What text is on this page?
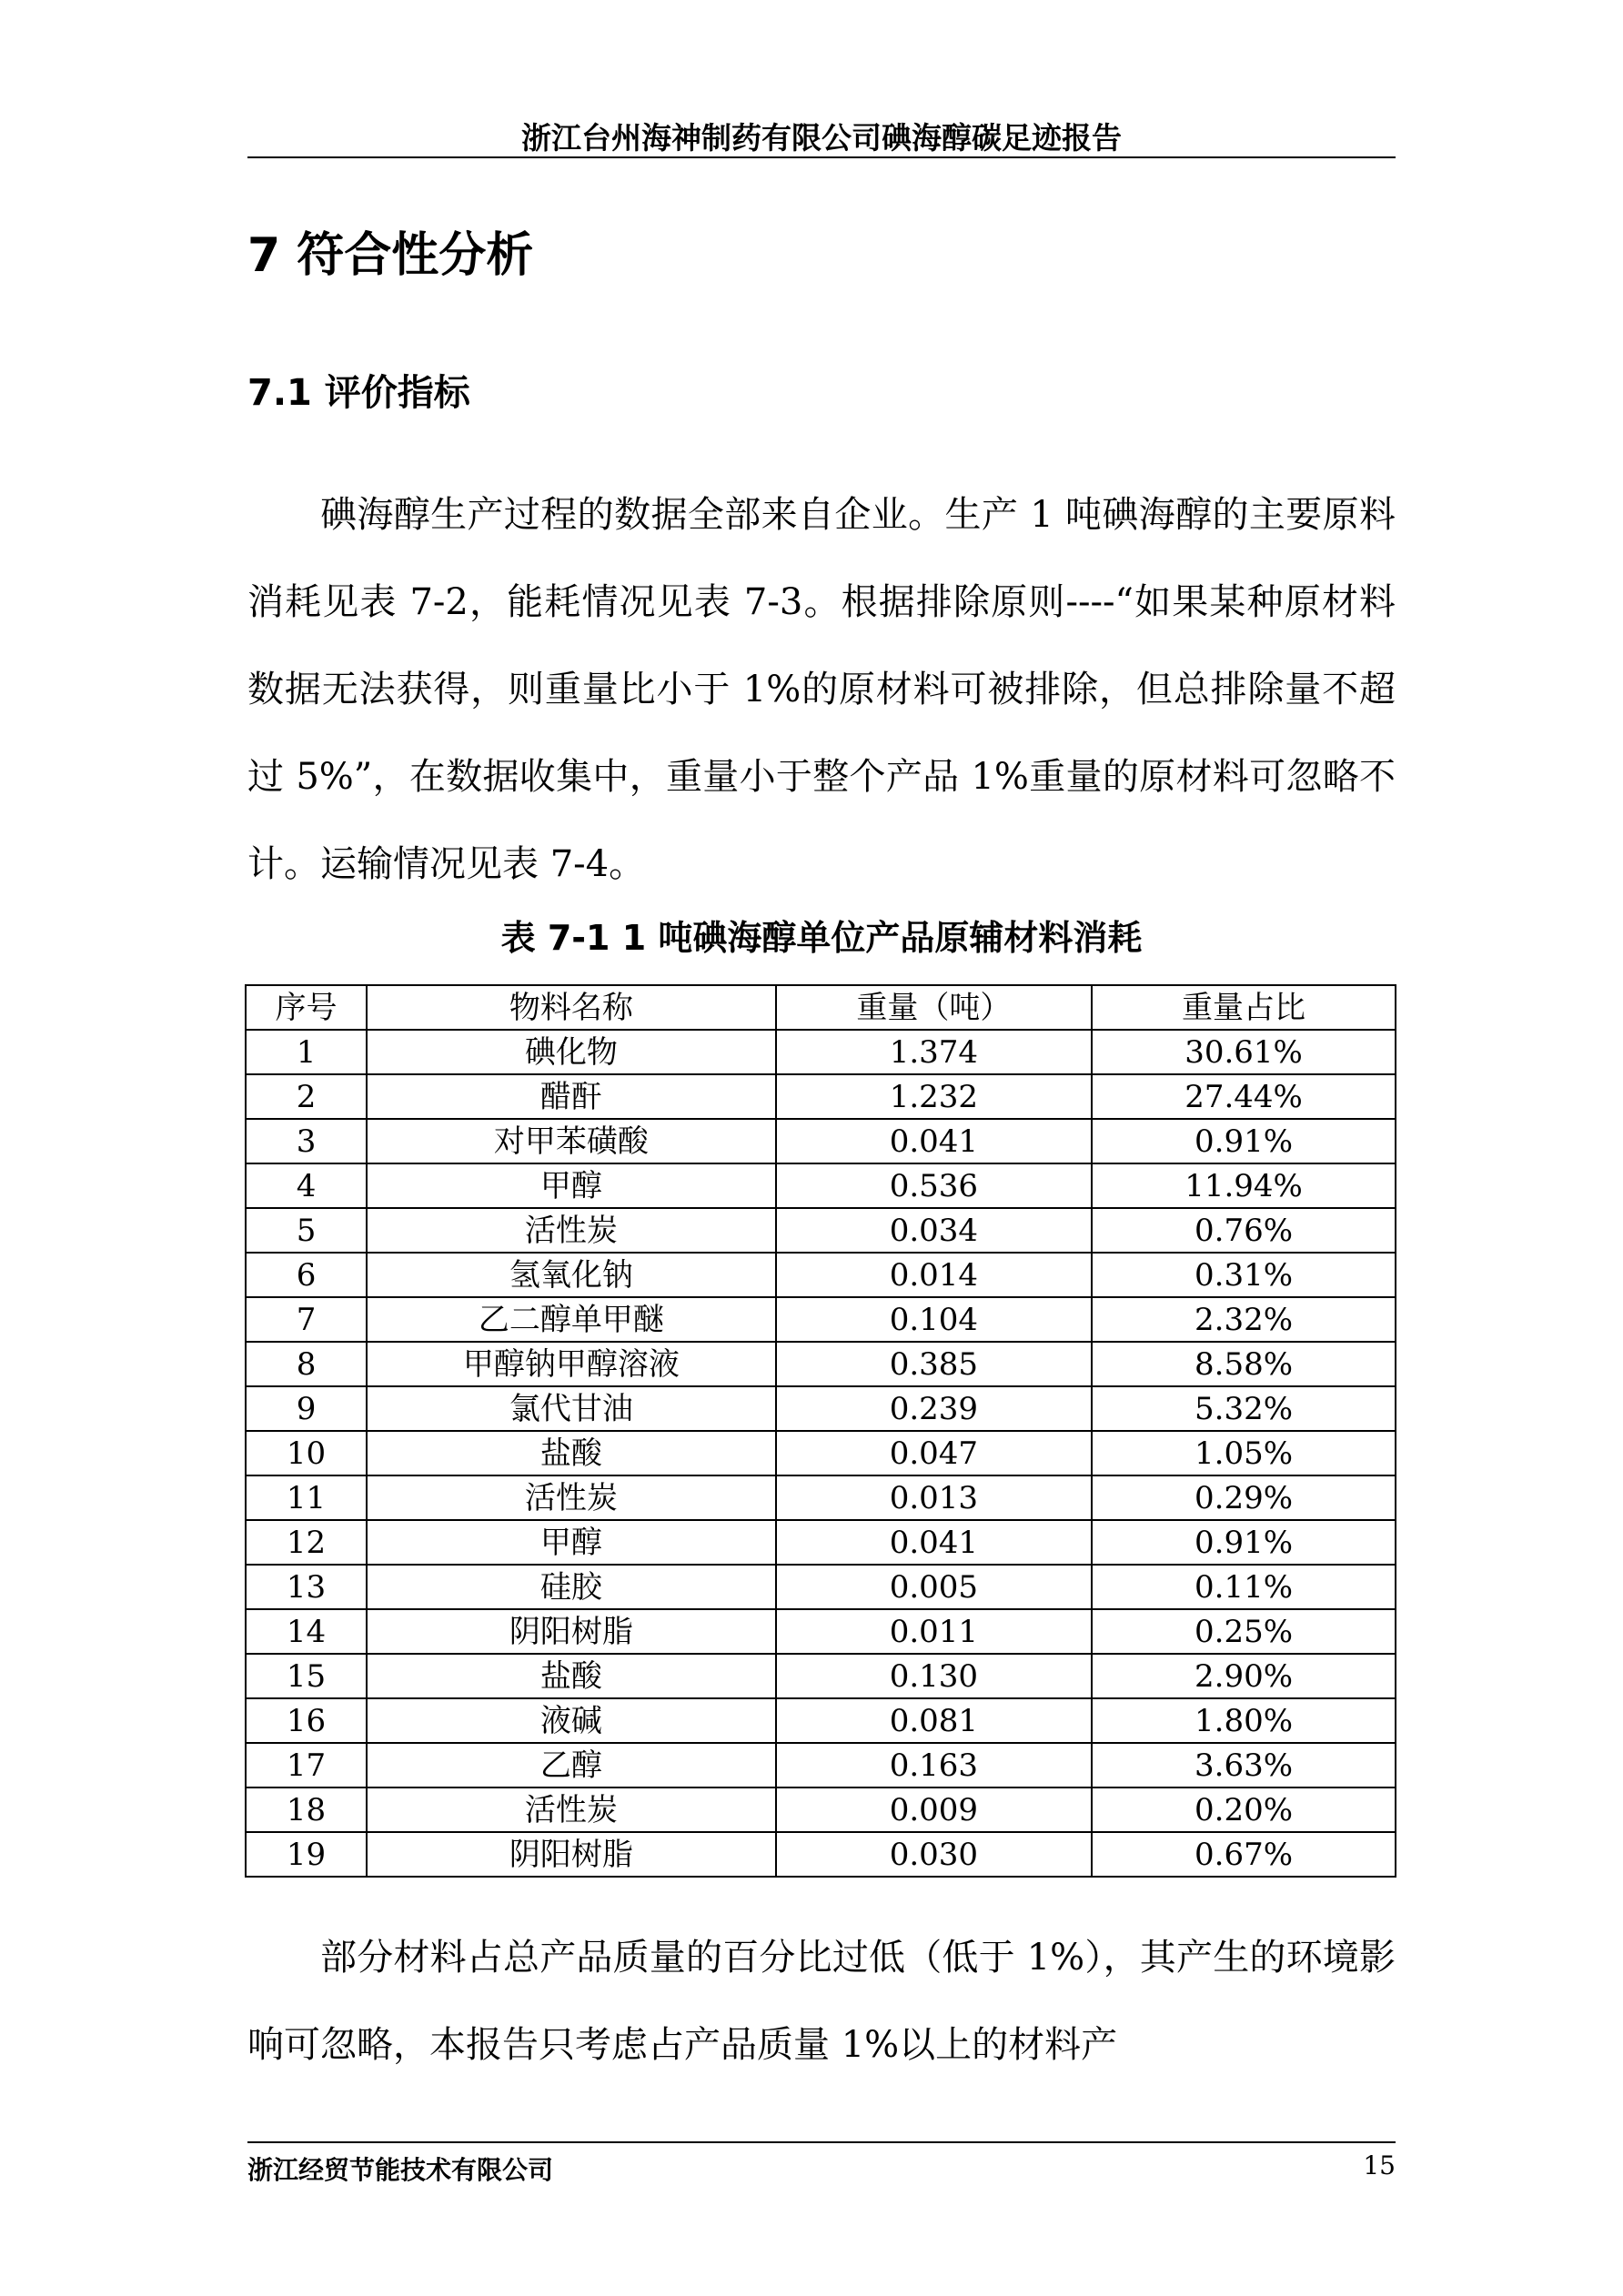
浙江台州海神制药有限公司碘海醇碳足迹报告
7 符合性分析
7.1 评价指标
碘海醇生产过程的数据全部来自企业。生产 1 吨碘海醇的主要原料消耗见表 7-2，能耗情况见表 7-3。根据排除原则----“如果某种原材料数据无法获得，则重量比小于 1%的原材料可被排除，但总排除量不超过 5%”，在数据收集中，重量小于整个产品 1%重量的原材料可忽略不计。运输情况见表 7-4。
表 7-1 1 吨碘海醇单位产品原辅材料消耗
序号	物料名称	重量（吨）	重量占比
1	碘化物	1.374	30.61%
2	醋酐	1.232	27.44%
3	对甲苯磺酸	0.041	0.91%
4	甲醇	0.536	11.94%
5	活性炭	0.034	0.76%
6	氢氧化钠	0.014	0.31%
7	乙二醇单甲醚	0.104	2.32%
8	甲醇钠甲醇溶液	0.385	8.58%
9	氯代甘油	0.239	5.32%
10	盐酸	0.047	1.05%
11	活性炭	0.013	0.29%
12	甲醇	0.041	0.91%
13	硅胶	0.005	0.11%
14	阴阳树脂	0.011	0.25%
15	盐酸	0.130	2.90%
16	液碱	0.081	1.80%
17	乙醇	0.163	3.63%
18	活性炭	0.009	0.20%
19	阴阳树脂	0.030	0.67%
部分材料占总产品质量的百分比过低（低于 1%），其产生的环境影响可忽略，本报告只考虑占产品质量 1%以上的材料产
浙江经贸节能技术有限公司	15
